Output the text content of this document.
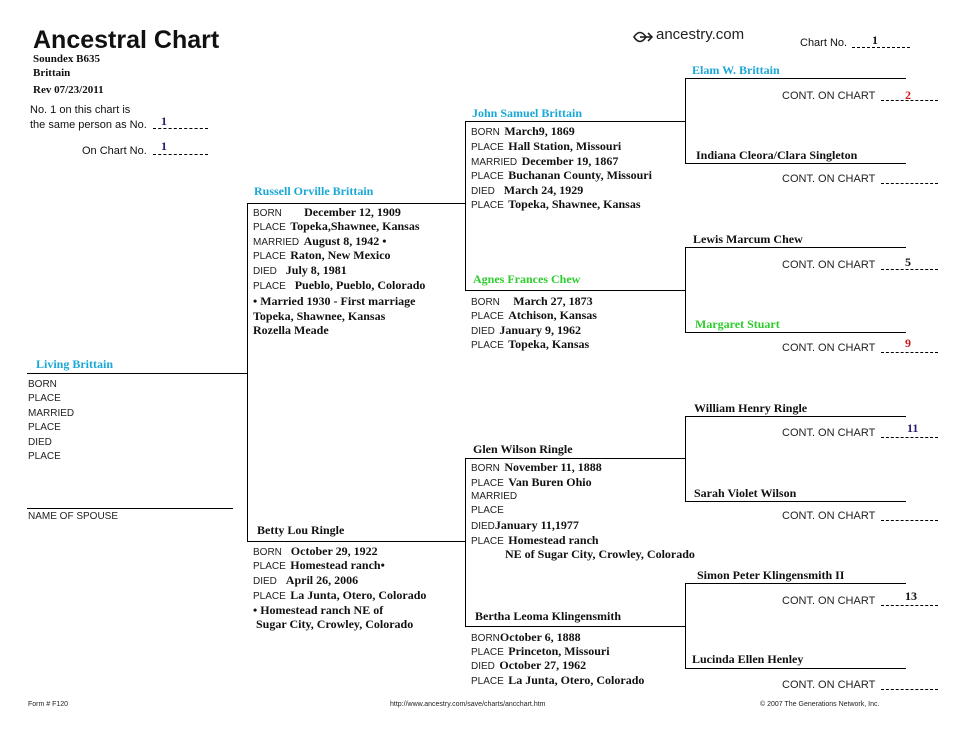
Ancestral Chart
Soundex B635
Brittain
Rev 07/23/2011
No. 1 on this chart is
the same person as No. 1
On Chart No. 1
ancestry.com	Chart No. 1
Living Brittain
BORN
PLACE
MARRIED
PLACE
DIED
PLACE
NAME OF SPOUSE
Russell Orville Brittain
BORN December 12, 1909
PLACE Topeka,Shawnee, Kansas
MARRIED August 8, 1942 •
PLACE Raton, New Mexico
DIED July 8, 1981
PLACE Pueblo, Pueblo, Colorado
• Married 1930 - First marriage
Topeka, Shawnee, Kansas
Rozella Meade
Betty Lou Ringle
BORN October 29, 1922
PLACE Homestead ranch•
DIED April 26, 2006
PLACE La Junta, Otero, Colorado
• Homestead ranch NE of
Sugar City, Crowley, Colorado
John Samuel Brittain
BORN March9, 1869
PLACE Hall Station, Missouri
MARRIED December 19, 1867
PLACE Buchanan County, Missouri
DIED March 24, 1929
PLACE Topeka, Shawnee, Kansas
Agnes Frances Chew
BORN March 27, 1873
PLACE Atchison, Kansas
DIED January 9, 1962
PLACE Topeka, Kansas
Glen Wilson Ringle
BORN November 11, 1888
PLACE Van Buren Ohio
MARRIED
PLACE
DIEDJanuary 11,1977
PLACE Homestead ranch
NE of Sugar City, Crowley, Colorado
Bertha Leoma Klingensmith
BORNOctober 6, 1888
PLACE Princeton, Missouri
DIED October 27, 1962
PLACE La Junta, Otero, Colorado
Elam W. Brittain
CONT. ON CHART 2
Indiana Cleora/Clara Singleton
CONT. ON CHART
Lewis Marcum Chew
CONT. ON CHART 5
Margaret Stuart
CONT. ON CHART 9
William Henry Ringle
CONT. ON CHART	11
Sarah Violet Wilson
CONT. ON CHART
Simon Peter Klingensmith II
CONT. ON CHART 13
Lucinda Ellen Henley
CONT. ON CHART
Form # F120	http://www.ancestry.com/save/charts/ancchart.htm	© 2007 The Generations Network, Inc.
